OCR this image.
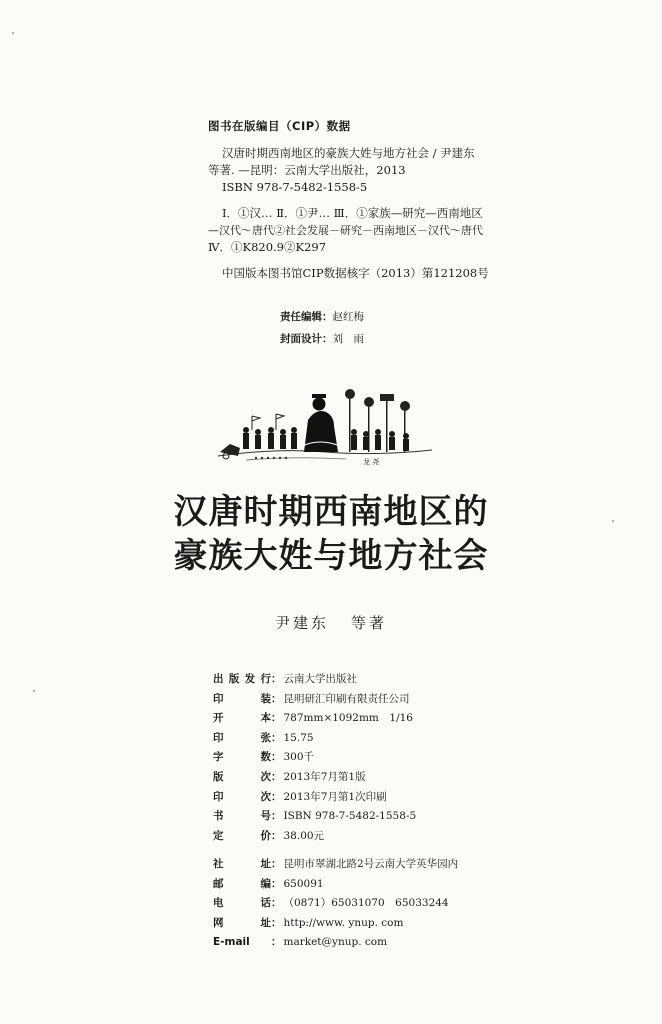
图书在版编目（CIP）数据
汉唐时期西南地区的豪族大姓与地方社会 / 尹建东
等著. —昆明：云南大学出版社，2013
ISBN 978-7-5482-1558-5
Ⅰ．①汉… Ⅱ．①尹… Ⅲ．①家族—研究—西南地区
—汉代～唐代②社会发展－研究－西南地区－汉代～唐代
Ⅳ．①K820.9②K297
中国版本图书馆CIP数据核字（2013）第121208号
责任编辑：赵红梅
封面设计：刘　雨
龙 尧
汉唐时期西南地区的
豪族大姓与地方社会
尹建东 等著
出版发行 ： 云南大学出版社
印装 ： 昆明研汇印刷有限责任公司
开本 ： 787mm×1092mm　1/16
印张 ： 15.75
字数 ： 300千
版次 ： 2013年7月第1版
印次 ： 2013年7月第1次印刷
书号 ： ISBN 978-7-5482-1558-5
定价 ： 38.00元
社址 ： 昆明市翠湖北路2号云南大学英华园内
邮编 ： 650091
电话 ： （0871）65031070　65033244
网址 ： http://www. ynup. com
E-mail	： market@ynup. com
